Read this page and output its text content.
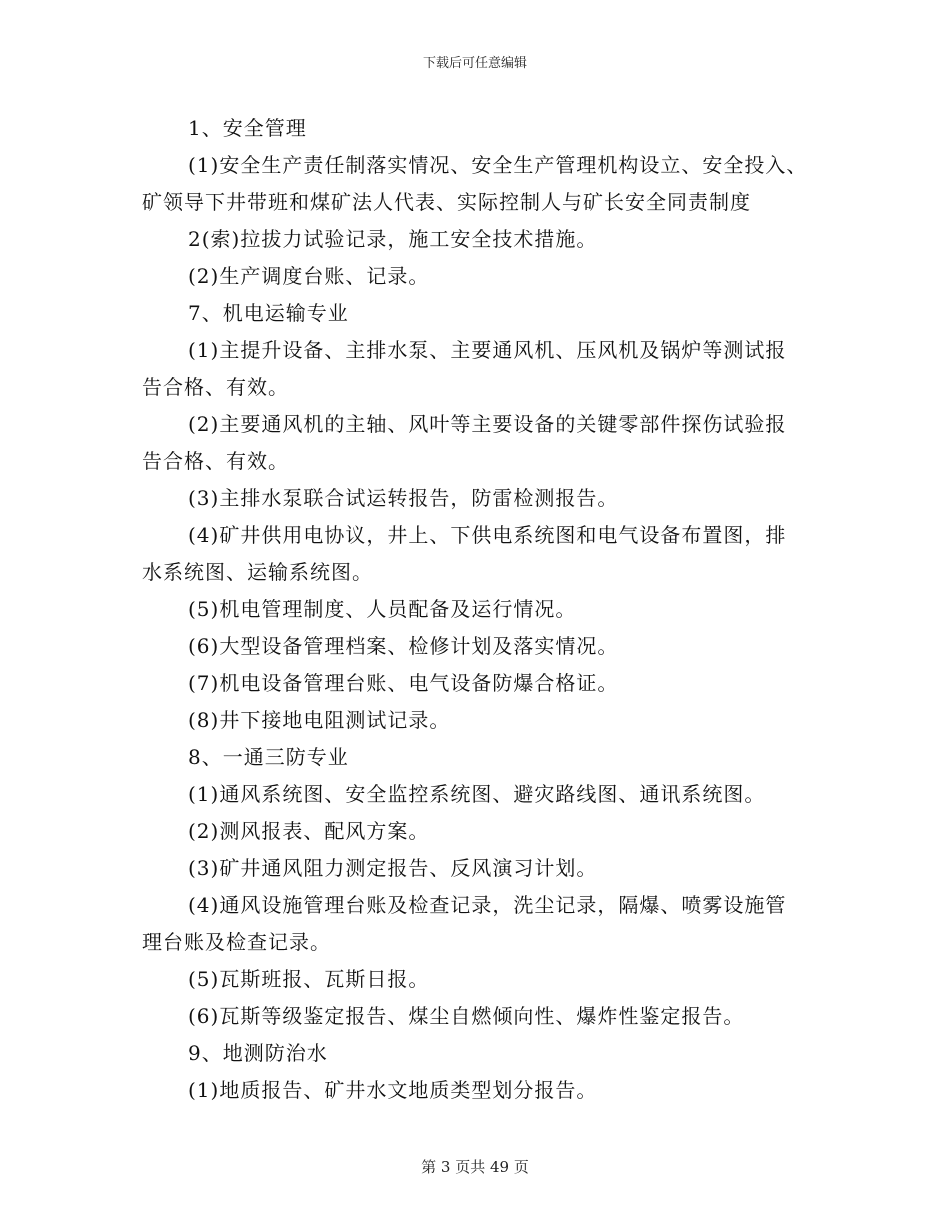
下载后可任意编辑

1、安全管理

(1)安全生产责任制落实情况、安全生产管理机构设立、安全投入、

矿领导下井带班和煤矿法人代表、实际控制人与矿长安全同责制度

2(索)拉拔力试验记录，施工安全技术措施。

(2)生产调度台账、记录。

7、机电运输专业

(1)主提升设备、主排水泵、主要通风机、压风机及锅炉等测试报

告合格、有效。

(2)主要通风机的主轴、风叶等主要设备的关键零部件探伤试验报

告合格、有效。

(3)主排水泵联合试运转报告，防雷检测报告。

(4)矿井供用电协议，井上、下供电系统图和电气设备布置图，排

水系统图、运输系统图。

(5)机电管理制度、人员配备及运行情况。

(6)大型设备管理档案、检修计划及落实情况。

(7)机电设备管理台账、电气设备防爆合格证。

(8)井下接地电阻测试记录。

8、一通三防专业

(1)通风系统图、安全监控系统图、避灾路线图、通讯系统图。

(2)测风报表、配风方案。

(3)矿井通风阻力测定报告、反风演习计划。

(4)通风设施管理台账及检查记录，洗尘记录，隔爆、喷雾设施管

理台账及检查记录。

(5)瓦斯班报、瓦斯日报。

(6)瓦斯等级鉴定报告、煤尘自燃倾向性、爆炸性鉴定报告。

9、地测防治水

(1)地质报告、矿井水文地质类型划分报告。

第 3 页共 49 页
